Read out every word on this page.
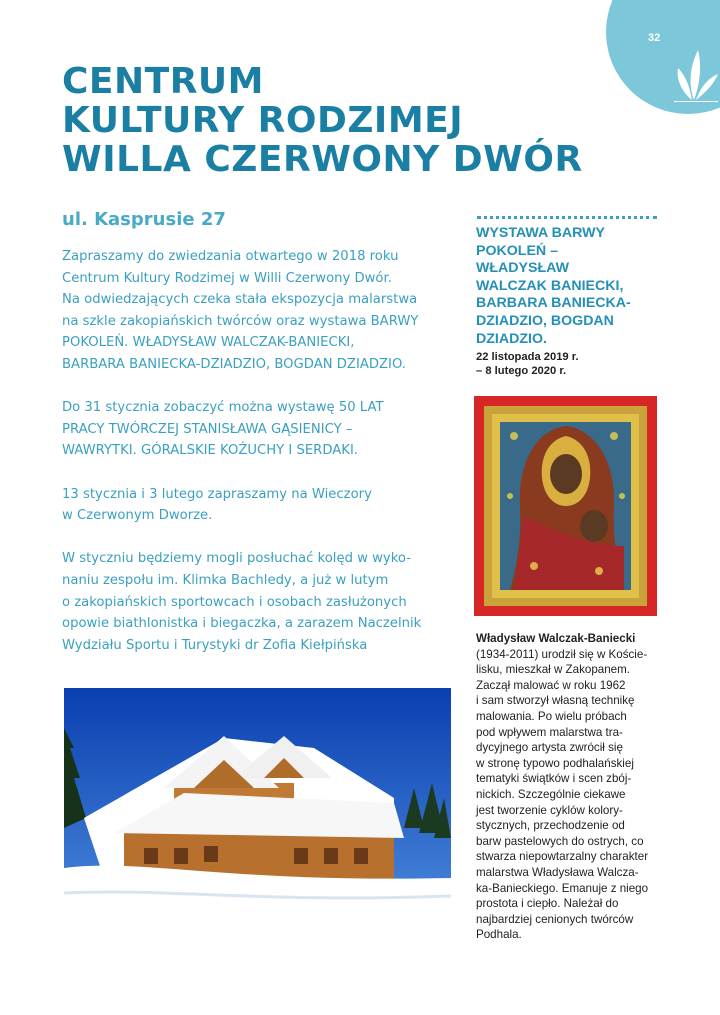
32
CENTRUM
KULTURY RODZIMEJ
WILLA CZERWONY DWÓR
ul. Kasprusie 27

Zapraszamy do zwiedzania otwartego w 2018 roku
Centrum Kultury Rodzimej w Willi Czerwony Dwór.
Na odwiedzających czeka stała ekspozycja malarstwa
na szkle zakopiańskich twórców oraz wystawa BARWY
POKOLEŃ. WŁADYSŁAW WALCZAK-BANIECKI,
BARBARA BANIECKA-DZIADZIO, BOGDAN DZIADZIO.

Do 31 stycznia zobaczyć można wystawę 50 LAT
PRACY TWÓRCZEJ STANISŁAWA GĄSIENICY –
WAWRYTKI. GÓRALSKIE KOŻUCHY I SERDAKI.

13 stycznia i 3 lutego zapraszamy na Wieczory
w Czerwonym Dworze.

W styczniu będziemy mogli posłuchać kolęd w wyko-
naniu zespołu im. Klimka Bachledy, a już w lutym
o zakopiańskich sportowcach i osobach zasłużonych
opowie biathlonistka i biegaczka, a zarazem Naczelnik
Wydziału Sportu i Turystyki dr Zofia Kiełpińska

WYSTAWA BARWY
POKOLEŃ –
WŁADYSŁAW
WALCZAK BANIECKI,
BARBARA BANIECKA-
DZIADZIO, BOGDAN
DZIADZIO.
22 listopada 2019 r.
– 8 lutego 2020 r.
Władysław Walczak-Baniecki
(1934-2011) urodził się w Koście-
lisku, mieszkał w Zakopanem.
Zaczął malować w roku 1962
i sam stworzył własną technikę
malowania. Po wielu próbach
pod wpływem malarstwa tra-
dycyjnego artysta zwrócił się
w stronę typowo podhalańskiej
tematyki świątków i scen zbój-
nickich. Szczególnie ciekawe
jest tworzenie cyklów kolory-
stycznych, przechodzenie od
barw pastelowych do ostrych, co
stwarza niepowtarzalny charakter
malarstwa Władysława Walcza-
ka-Banieckiego. Emanuje z niego
prostota i ciepło. Należał do
najbardziej cenionych twórców
Podhala.
